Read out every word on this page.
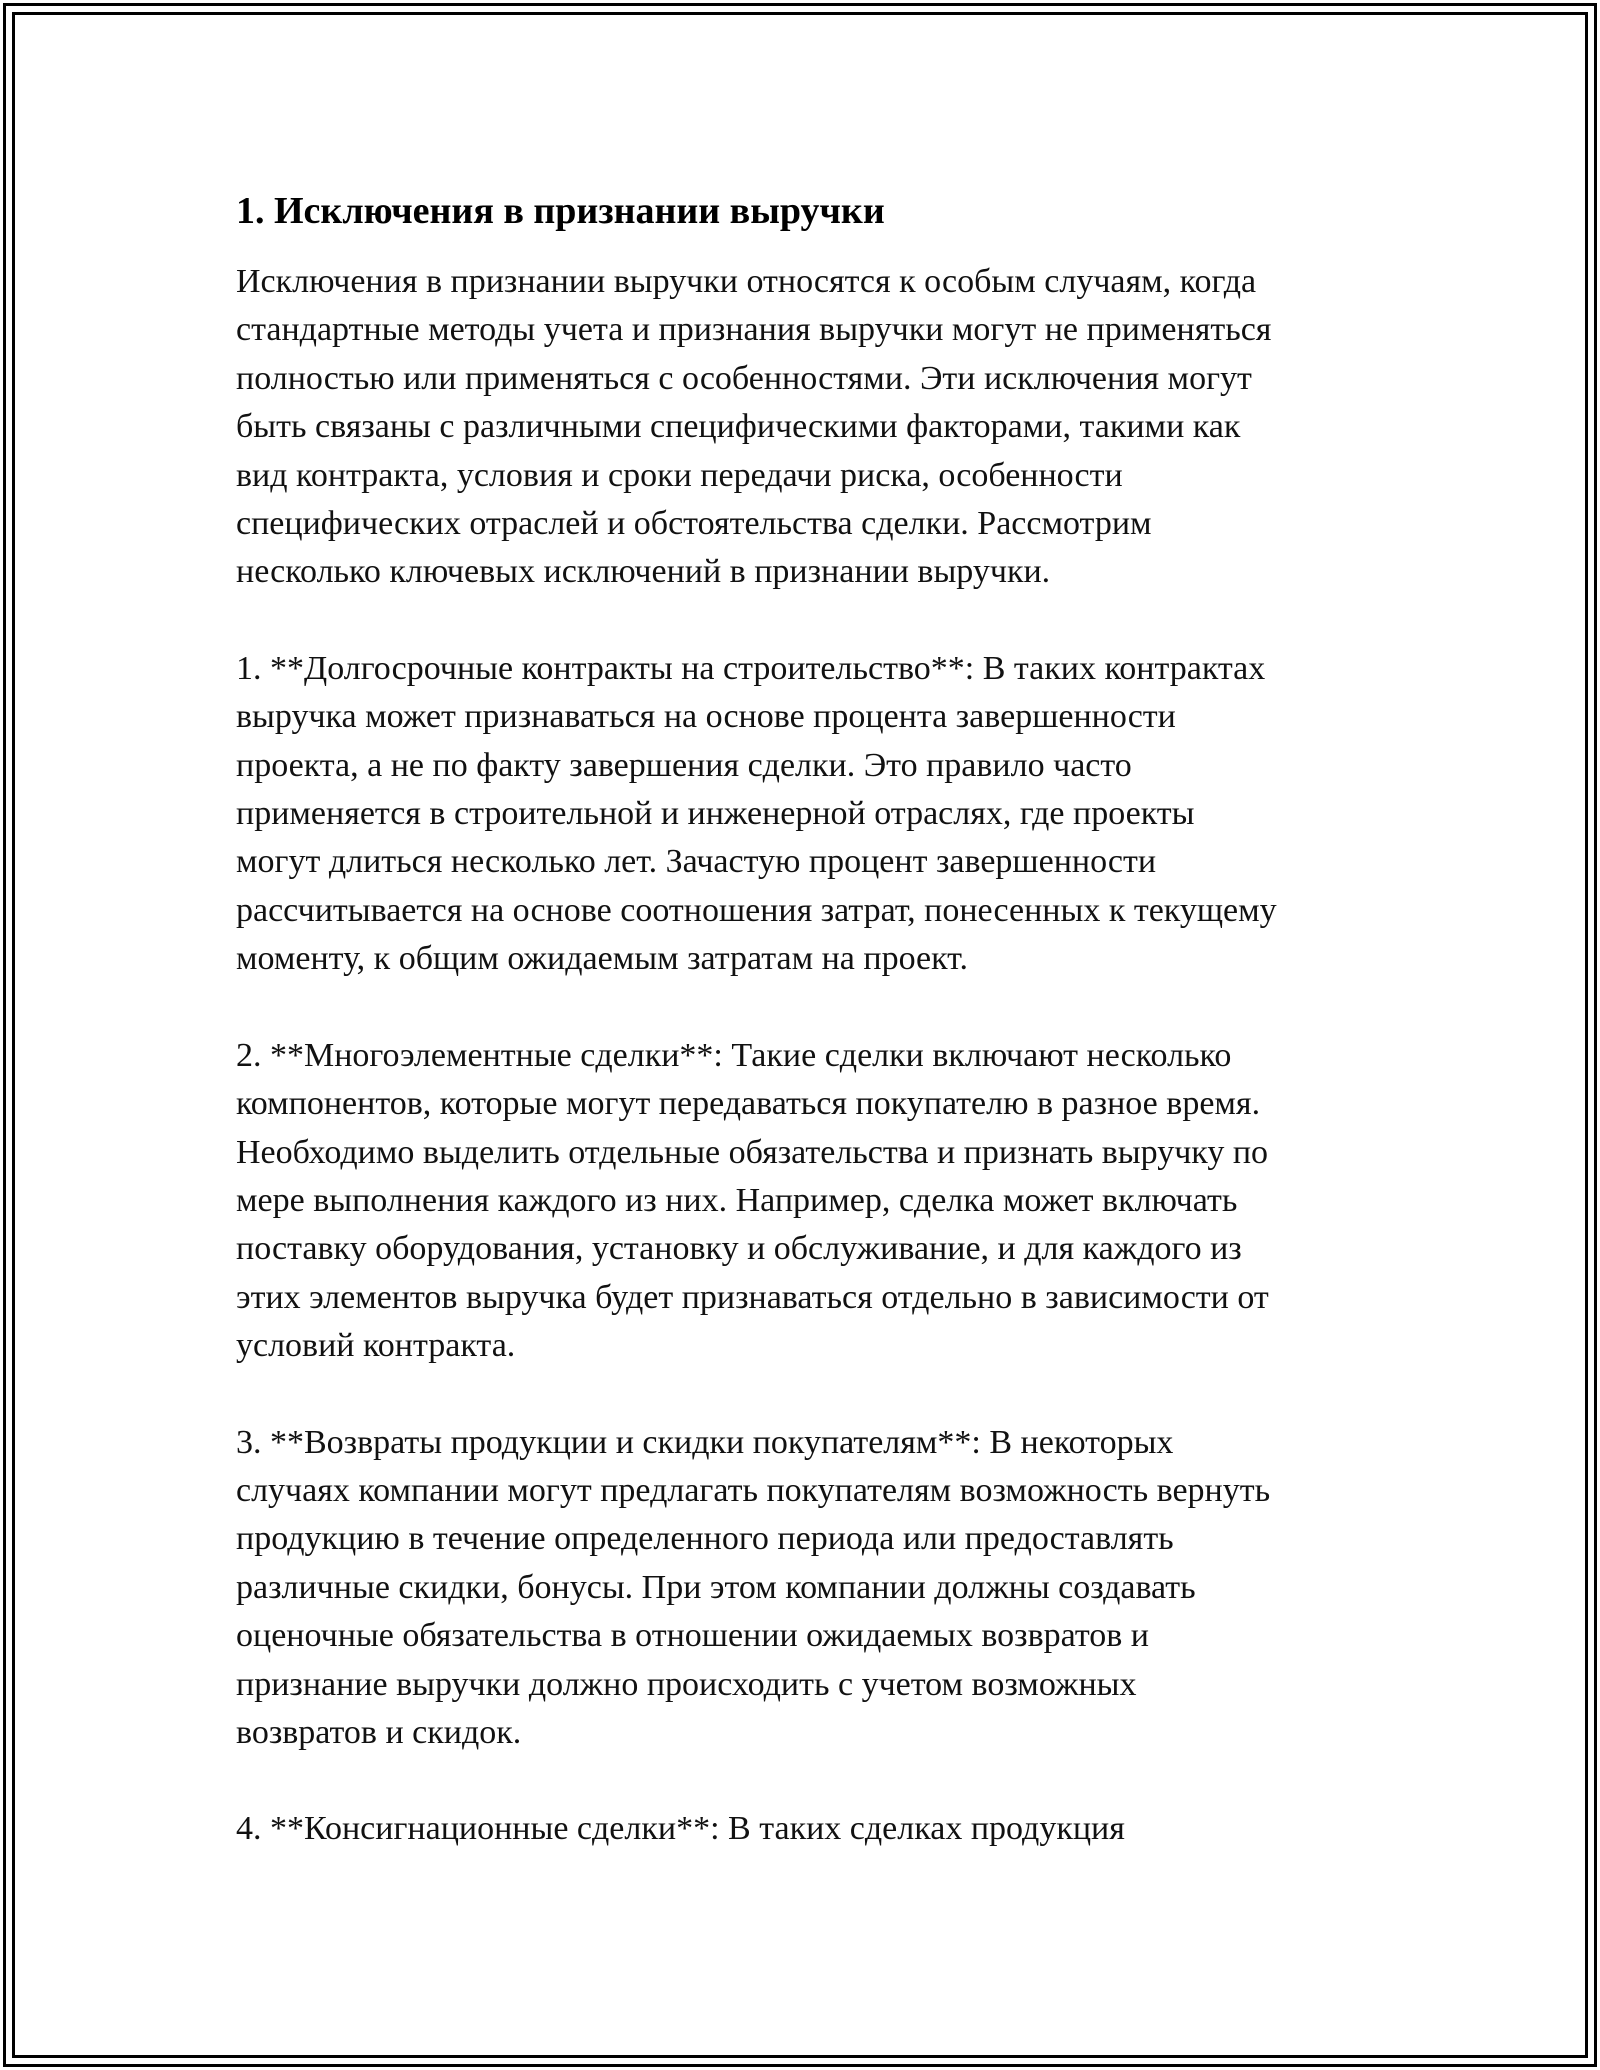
1. Исключения в признании выручки

Исключения в признании выручки относятся к особым случаям, когда
стандартные методы учета и признания выручки могут не применяться
полностью или применяться с особенностями. Эти исключения могут
быть связаны с различными специфическими факторами, такими как
вид контракта, условия и сроки передачи риска, особенности
специфических отраслей и обстоятельства сделки. Рассмотрим
несколько ключевых исключений в признании выручки.

1. **Долгосрочные контракты на строительство**: В таких контрактах
выручка может признаваться на основе процента завершенности
проекта, а не по факту завершения сделки. Это правило часто
применяется в строительной и инженерной отраслях, где проекты
могут длиться несколько лет. Зачастую процент завершенности
рассчитывается на основе соотношения затрат, понесенных к текущему
моменту, к общим ожидаемым затратам на проект.

2. **Многоэлементные сделки**: Такие сделки включают несколько
компонентов, которые могут передаваться покупателю в разное время.
Необходимо выделить отдельные обязательства и признать выручку по
мере выполнения каждого из них. Например, сделка может включать
поставку оборудования, установку и обслуживание, и для каждого из
этих элементов выручка будет признаваться отдельно в зависимости от
условий контракта.

3. **Возвраты продукции и скидки покупателям**: В некоторых
случаях компании могут предлагать покупателям возможность вернуть
продукцию в течение определенного периода или предоставлять
различные скидки, бонусы. При этом компании должны создавать
оценочные обязательства в отношении ожидаемых возвратов и
признание выручки должно происходить с учетом возможных
возвратов и скидок.

4. **Консигнационные сделки**: В таких сделках продукция
